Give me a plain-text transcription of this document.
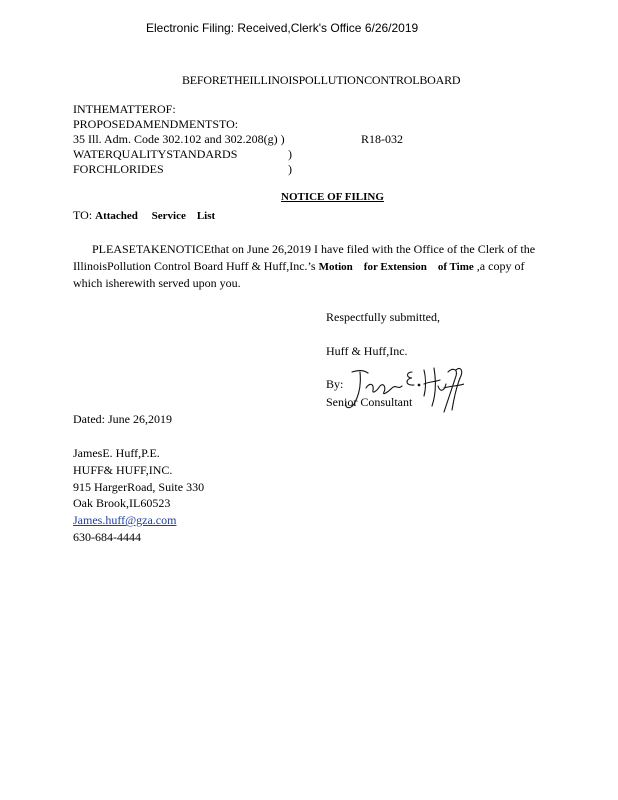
Electronic Filing: Received,Clerk's Office 6/26/2019
BEFORETHEILLINOISPOLLUTIONCONTROLBOARD
INTHEMATTEROF:
PROPOSEDAMENDMENTSTO:
35 Ill. Adm. Code 302.102 and 302.208(g) )
WATERQUALITYSTANDARDS
FORCHLORIDES
)
)
R18-032
NOTICE OF FILING
TO: Attached     Service    List
PLEASETAKENOTICEthat on June 26,2019 I have filed with the Office of the Clerk of the
IllinoisPollution Control Board Huff & Huff,Inc.’s Motion    for Extension    of Time ,a copy of
which isherewith served upon you.
Respectfully submitted,
Huff & Huff,Inc.
By:
Senior Consultant
Dated: June 26,2019
JamesE. Huff,P.E.
HUFF& HUFF,INC.
915 HargerRoad, Suite 330
Oak Brook,IL60523
James.huff@gza.com
630-684-4444
